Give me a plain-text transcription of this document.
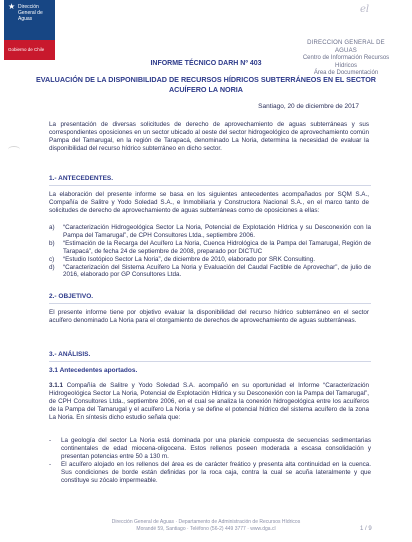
★ Dirección
General de
Aguas
Gobierno de Chile
el
DIRECCION GENERAL DE AGUAS
Centro de Información Recursos Hídricos
Área de Documentación
INFORME TÉCNICO DARH Nº 403
EVALUACIÓN DE LA DISPONIBILIDAD DE RECURSOS HÍDRICOS SUBTERRÁNEOS EN EL SECTOR ACUÍFERO LA NORIA
Santiago, 20 de diciembre de 2017

La presentación de diversas solicitudes de derecho de aprovechamiento de aguas subterráneas y sus correspondientes oposiciones en un sector ubicado al oeste del sector hidrogeológico de aprovechamiento común Pampa del Tamarugal, en la región de Tarapacá, denominado La Noria, determina la necesidad de evaluar la disponibilidad del recurso hídrico subterráneo en dicho sector.

1.- ANTECEDENTES.

La elaboración del presente informe se basa en los siguientes antecedentes acompañados por SQM S.A., Compañía de Salitre y Yodo Soledad S.A., e Inmobiliaria y Constructora Nacional S.A., en el marco tanto de solicitudes de derecho de aprovechamiento de aguas subterráneas como de oposiciones a ellas:

a)	“Caracterización Hidrogeológica Sector La Noria, Potencial de Explotación Hídrica y su Desconexión con la Pampa del Tamarugal”, de CPH Consultores Ltda., septiembre 2006.
b)	“Estimación de la Recarga del Acuífero La Noria, Cuenca Hidrológica de la Pampa del Tamarugal, Región de Tarapacá”, de fecha 24 de septiembre de 2008, preparado por DICTUC
c)	“Estudio Isotópico Sector La Noria”, de diciembre de 2010, elaborado por SRK Consulting.
d)	“Caracterización del Sistema Acuífero La Noria y Evaluación del Caudal Factible de Aprovechar”, de julio de 2016, elaborado por GP Consultores Ltda.
2.- OBJETIVO.

El presente informe tiene por objetivo evaluar la disponibilidad del recurso hídrico subterráneo en el sector acuífero denominado La Noria para el otorgamiento de derechos de aprovechamiento de aguas subterráneas.

3.- ANÁLISIS.
3.1 Antecedentes aportados.

3.1.1 Compañía de Salitre y Yodo Soledad S.A. acompañó en su oportunidad el Informe “Caracterización Hidrogeológica Sector La Noria, Potencial de Explotación Hídrica y su Desconexión con la Pampa del Tamarugal”, de CPH Consultores Ltda., septiembre 2006, en el cual se analiza la conexión hidrogeológica entre los acuíferos de la Pampa del Tamarugal y el acuífero La Noria y se define el potencial hídrico del sistema acuífero de la zona La Noria. En síntesis dicho estudio señala que:

-	La geología del sector La Noria está dominada por una planicie compuesta de secuencias sedimentarias continentales de edad miocena-oligocena. Estos rellenos poseen moderada a escasa consolidación y presentan potencias entre 50 a 130 m.
-	El acuífero alojado en los rellenos del área es de carácter freático y presenta alta continuidad en la cuenca. Sus condiciones de borde están definidas por la roca caja, contra la cual se acuña lateralmente y que constituye su zócalo impermeable.
Dirección General de Aguas · Departamento de Administración de Recursos Hídricos
Morandé 59, Santiago · Teléfono (56-2) 449 3777 · www.dga.cl	1 / 9
